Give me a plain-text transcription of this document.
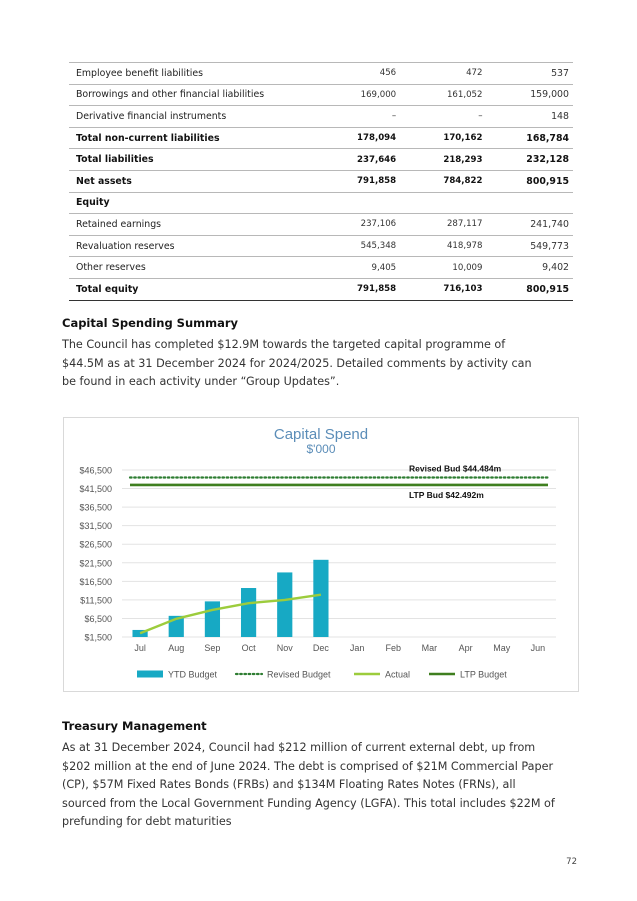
Employee benefit liabilities	456	472	537
Borrowings and other financial liabilities	169,000	161,052	159,000
Derivative financial instruments	–	–	148
Total non-current liabilities	178,094	170,162	168,784
Total liabilities	237,646	218,293	232,128
Net assets	791,858	784,822	800,915
Equity			
Retained earnings	237,106	287,117	241,740
Revaluation reserves	545,348	418,978	549,773
Other reserves	9,405	10,009	9,402
Total equity	791,858	716,103	800,915
Capital Spending Summary

The Council has completed $12.9M towards the targeted capital programme of $44.5M as at 31 December 2024 for 2024/2025. Detailed comments by activity can be found in each activity under “Group Updates”.

Capital Spend
$'000
$46,500
$41,500
$36,500
$31,500
$26,500
$21,500
$16,500
$11,500
$6,500
$1,500
Jul Aug Sep Oct Nov Dec Jan Feb Mar Apr May Jun
Revised Bud $44.484m
LTP Bud $42.492m
YTD Budget	Revised Budget	Actual	LTP Budget
Treasury Management

As at 31 December 2024, Council had $212 million of current external debt, up from $202 million at the end of June 2024. The debt is comprised of $21M Commercial Paper (CP), $57M Fixed Rates Bonds (FRBs) and $134M Floating Rates Notes (FRNs), all sourced from the Local Government Funding Agency (LGFA). This total includes $22M of prefunding for debt maturities

72
